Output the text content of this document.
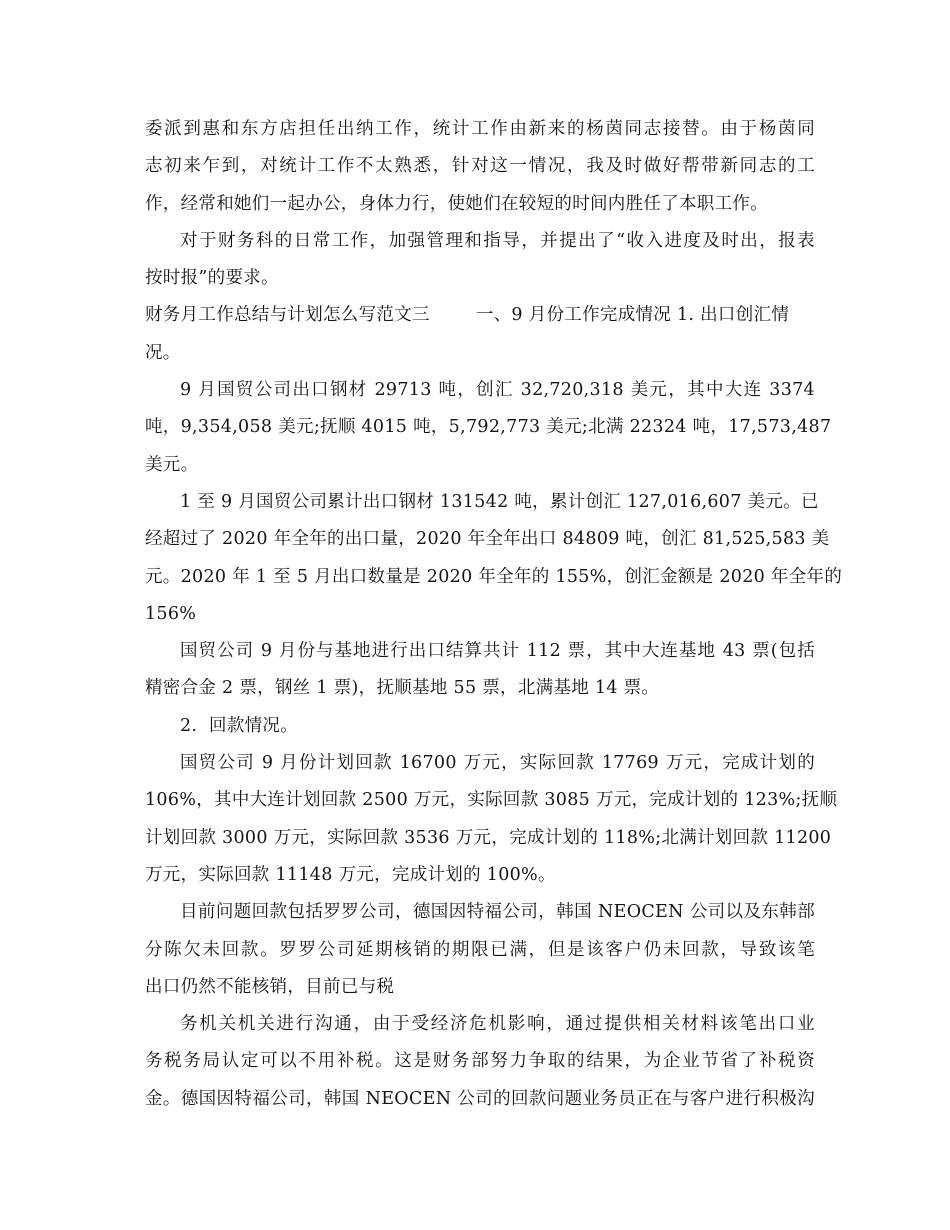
委派到惠和东方店担任出纳工作，统计工作由新来的杨茵同志接替。由于杨茵同
志初来乍到，对统计工作不太熟悉，针对这一情况，我及时做好帮带新同志的工
作，经常和她们一起办公，身体力行，使她们在较短的时间内胜任了本职工作。
对于财务科的日常工作，加强管理和指导，并提出了“收入进度及时出，报表
按时报”的要求。
财务月工作总结与计划怎么写范文三	一、9 月份工作完成情况 1. 出口创汇情
况。
9 月国贸公司出口钢材 29713 吨，创汇 32,720,318 美元，其中大连 3374
吨，9,354,058 美元;抚顺 4015 吨，5,792,773 美元;北满 22324 吨，17,573,487
美元。
1 至 9 月国贸公司累计出口钢材 131542 吨，累计创汇 127,016,607 美元。已
经超过了 2020 年全年的出口量，2020 年全年出口 84809 吨，创汇 81,525,583 美
元。2020 年 1 至 5 月出口数量是 2020 年全年的 155%，创汇金额是 2020 年全年的
156%
国贸公司 9 月份与基地进行出口结算共计 112 票，其中大连基地 43 票(包括
精密合金 2 票，钢丝 1 票)，抚顺基地 55 票，北满基地 14 票。
2.  回款情况。
国贸公司 9 月份计划回款 16700 万元，实际回款 17769 万元，完成计划的
106%，其中大连计划回款 2500 万元，实际回款 3085 万元，完成计划的 123%;抚顺
计划回款 3000 万元，实际回款 3536 万元，完成计划的 118%;北满计划回款 11200
万元，实际回款 11148 万元，完成计划的 100%。
目前问题回款包括罗罗公司，德国因特福公司，韩国 NEOCEN 公司以及东韩部
分陈欠未回款。罗罗公司延期核销的期限已满，但是该客户仍未回款，导致该笔
出口仍然不能核销，目前已与税
务机关机关进行沟通，由于受经济危机影响，通过提供相关材料该笔出口业
务税务局认定可以不用补税。这是财务部努力争取的结果，为企业节省了补税资
金。德国因特福公司，韩国 NEOCEN 公司的回款问题业务员正在与客户进行积极沟
